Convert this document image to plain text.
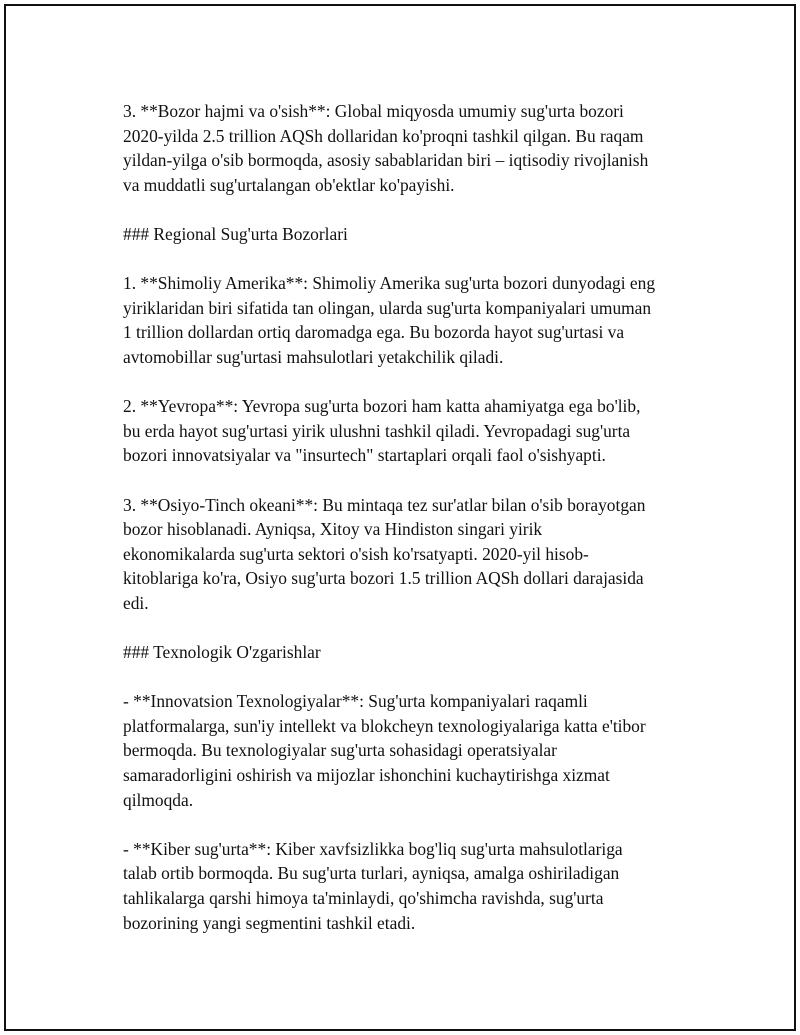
3. **Bozor hajmi va o'sish**: Global miqyosda umumiy sug'urta bozori
2020-yilda 2.5 trillion AQSh dollaridan ko'proqni tashkil qilgan. Bu raqam
yildan-yilga o'sib bormoqda, asosiy sabablaridan biri – iqtisodiy rivojlanish
va muddatli sug'urtalangan ob'ektlar ko'payishi.

### Regional Sug'urta Bozorlari

1. **Shimoliy Amerika**: Shimoliy Amerika sug'urta bozori dunyodagi eng
yiriklaridan biri sifatida tan olingan, ularda sug'urta kompaniyalari umuman
1 trillion dollardan ortiq daromadga ega. Bu bozorda hayot sug'urtasi va
avtomobillar sug'urtasi mahsulotlari yetakchilik qiladi.

2. **Yevropa**: Yevropa sug'urta bozori ham katta ahamiyatga ega bo'lib,
bu erda hayot sug'urtasi yirik ulushni tashkil qiladi. Yevropadagi sug'urta
bozori innovatsiyalar va "insurtech" startaplari orqali faol o'sishyapti.

3. **Osiyo-Tinch okeani**: Bu mintaqa tez sur'atlar bilan o'sib borayotgan
bozor hisoblanadi. Ayniqsa, Xitoy va Hindiston singari yirik
ekonomikalarda sug'urta sektori o'sish ko'rsatyapti. 2020-yil hisob-
kitoblariga ko'ra, Osiyo sug'urta bozori 1.5 trillion AQSh dollari darajasida
edi.

### Texnologik O'zgarishlar

- **Innovatsion Texnologiyalar**: Sug'urta kompaniyalari raqamli
platformalarga, sun'iy intellekt va blokcheyn texnologiyalariga katta e'tibor
bermoqda. Bu texnologiyalar sug'urta sohasidagi operatsiyalar
samaradorligini oshirish va mijozlar ishonchini kuchaytirishga xizmat
qilmoqda.

- **Kiber sug'urta**: Kiber xavfsizlikka bog'liq sug'urta mahsulotlariga
talab ortib bormoqda. Bu sug'urta turlari, ayniqsa, amalga oshiriladigan
tahlikalarga qarshi himoya ta'minlaydi, qo'shimcha ravishda, sug'urta
bozorining yangi segmentini tashkil etadi.
